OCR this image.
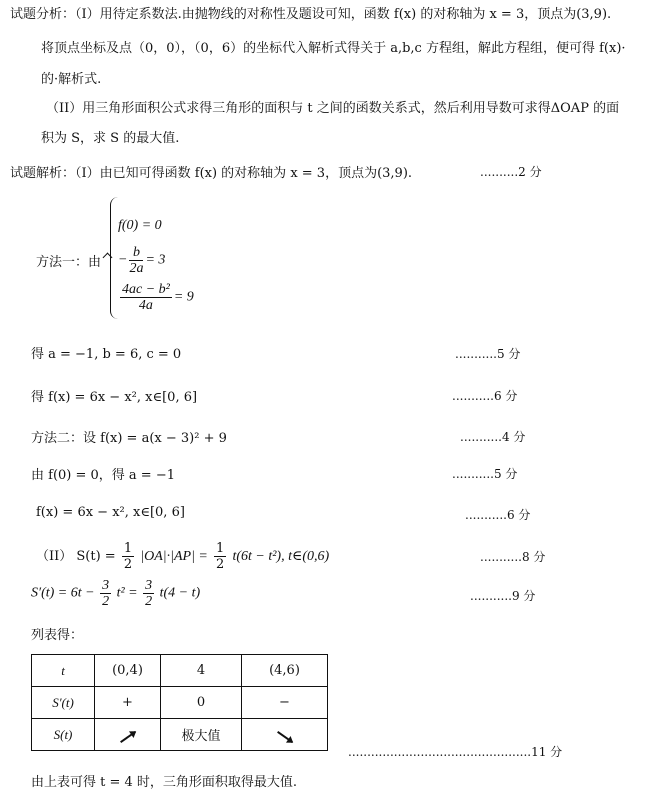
试题分析：（I）用待定系数法.由抛物线的对称性及题设可知，函数 f(x) 的对称轴为 x = 3，顶点为(3,9).
将顶点坐标及点（0，0），（0，6）的坐标代入解析式得关于 a,b,c 方程组，解此方程组，便可得 f(x)·
的·解析式.
（II）用三角形面积公式求得三角形的面积与 t 之间的函数关系式，然后利用导数可求得ΔOAP 的面
积为 S，求 S 的最大值.
试题解析：（I）由已知可得函数 f(x) 的对称轴为 x = 3，顶点为(3,9).	..........2 分
方法一：由
f(0) = 0
− $\frac{b}{2a} = 3$
$\frac{\text{4ac − b²}}{4a} = 9$
得 a = −1, b = 6, c = 0	...........5 分
得 f(x) = 6x − x², x∈[0, 6]	...........6 分
方法二：设 f(x) = a(x − 3)² + 9	...........4 分
由 f(0) = 0，得 a = −1	...........5 分
f(x) = 6x − x², x∈[0, 6]	...........6 分
（II） $S(t) = \frac{1}{2} |OA|\cdot|AP| = \frac{1}{2} t(6t - t^2)$, t∈(0,6)	...........8 分
$S'(t) = 6t - \frac{3}{2} t^2 = \frac{3}{2} t(4 - t)$	...........9 分
列表得：
t	(0,4)	4	(4,6)
S′(t)	+	0	−
S(t)		极大值	
................................................11 分
由上表可得 t = 4 时，三角形面积取得最大值.
